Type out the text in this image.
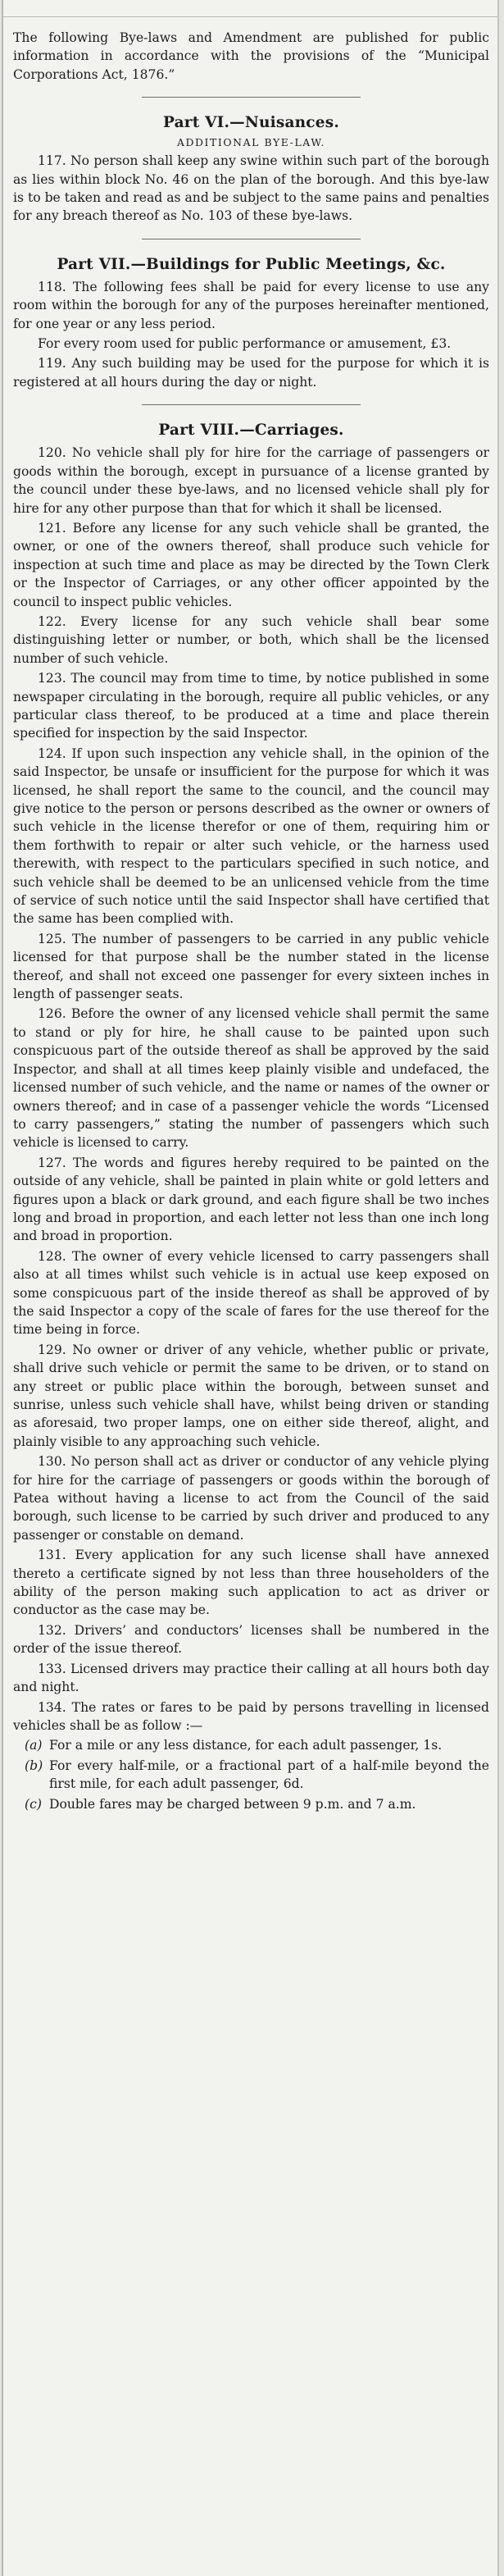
The following Bye-laws and Amendment are published for public information in accordance with the provisions of the “Municipal Corporations Act, 1876.”

Part VI.—Nuisances.
ADDITIONAL BYE-LAW.

117. No person shall keep any swine within such part of the borough as lies within block No. 46 on the plan of the borough. And this bye-law is to be taken and read as and be subject to the same pains and penalties for any breach thereof as No. 103 of these bye-laws.

Part VII.—Buildings for Public Meetings, &c.

118. The following fees shall be paid for every license to use any room within the borough for any of the purposes hereinafter mentioned, for one year or any less period.

For every room used for public performance or amusement, £3.

119. Any such building may be used for the purpose for which it is registered at all hours during the day or night.

Part VIII.—Carriages.

120. No vehicle shall ply for hire for the carriage of passengers or goods within the borough, except in pursuance of a license granted by the council under these bye-laws, and no licensed vehicle shall ply for hire for any other purpose than that for which it shall be licensed.

121. Before any license for any such vehicle shall be granted, the owner, or one of the owners thereof, shall produce such vehicle for inspection at such time and place as may be directed by the Town Clerk or the Inspector of Carriages, or any other officer appointed by the council to inspect public vehicles.

122. Every license for any such vehicle shall bear some distinguishing letter or number, or both, which shall be the licensed number of such vehicle.

123. The council may from time to time, by notice published in some newspaper circulating in the borough, require all public vehicles, or any particular class thereof, to be produced at a time and place therein specified for inspection by the said Inspector.

124. If upon such inspection any vehicle shall, in the opinion of the said Inspector, be unsafe or insufficient for the purpose for which it was licensed, he shall report the same to the council, and the council may give notice to the person or persons described as the owner or owners of such vehicle in the license therefor or one of them, requiring him or them forthwith to repair or alter such vehicle, or the harness used therewith, with respect to the particulars specified in such notice, and such vehicle shall be deemed to be an unlicensed vehicle from the time of service of such notice until the said Inspector shall have certified that the same has been complied with.

125. The number of passengers to be carried in any public vehicle licensed for that purpose shall be the number stated in the license thereof, and shall not exceed one passenger for every sixteen inches in length of passenger seats.

126. Before the owner of any licensed vehicle shall permit the same to stand or ply for hire, he shall cause to be painted upon such conspicuous part of the outside thereof as shall be approved by the said Inspector, and shall at all times keep plainly visible and undefaced, the licensed number of such vehicle, and the name or names of the owner or owners thereof; and in case of a passenger vehicle the words “Licensed to carry passengers,” stating the number of passengers which such vehicle is licensed to carry.

127. The words and figures hereby required to be painted on the outside of any vehicle, shall be painted in plain white or gold letters and figures upon a black or dark ground, and each figure shall be two inches long and broad in proportion, and each letter not less than one inch long and broad in proportion.

128. The owner of every vehicle licensed to carry passengers shall also at all times whilst such vehicle is in actual use keep exposed on some conspicuous part of the inside thereof as shall be approved of by the said Inspector a copy of the scale of fares for the use thereof for the time being in force.

129. No owner or driver of any vehicle, whether public or private, shall drive such vehicle or permit the same to be driven, or to stand on any street or public place within the borough, between sunset and sunrise, unless such vehicle shall have, whilst being driven or standing as aforesaid, two proper lamps, one on either side thereof, alight, and plainly visible to any approaching such vehicle.

130. No person shall act as driver or conductor of any vehicle plying for hire for the carriage of passengers or goods within the borough of Patea without having a license to act from the Council of the said borough, such license to be carried by such driver and produced to any passenger or constable on demand.

131. Every application for any such license shall have annexed thereto a certificate signed by not less than three householders of the ability of the person making such application to act as driver or conductor as the case may be.

132. Drivers’ and conductors’ licenses shall be numbered in the order of the issue thereof.

133. Licensed drivers may practice their calling at all hours both day and night.

134. The rates or fares to be paid by persons travelling in licensed vehicles shall be as follow :—

(a) For a mile or any less distance, for each adult passenger, 1s.
(b) For every half-mile, or a fractional part of a half-mile beyond the first mile, for each adult passenger, 6d.
(c) Double fares may be charged between 9 p.m. and 7 a.m.
